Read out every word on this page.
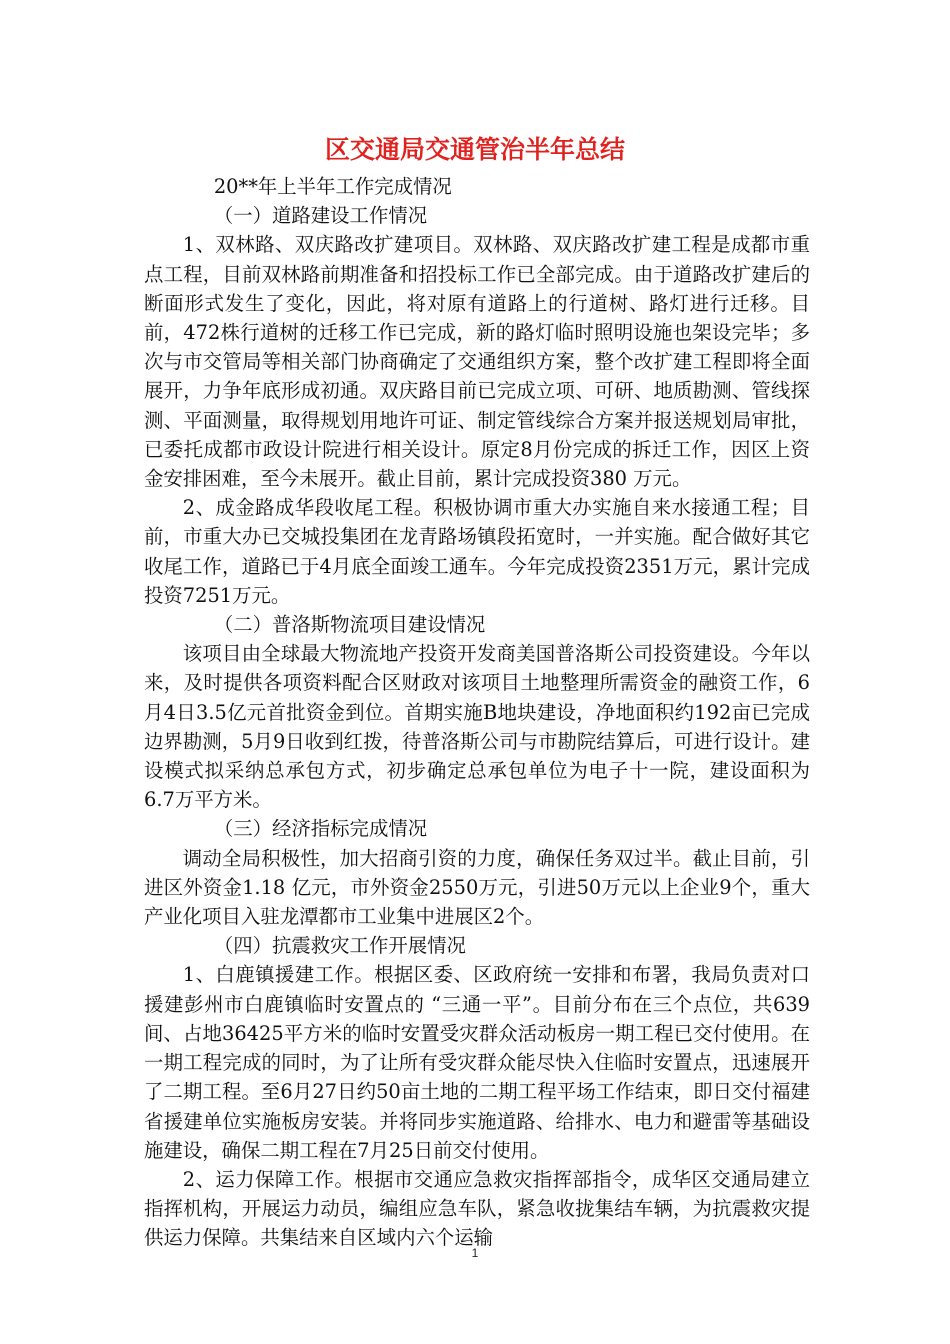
区交通局交通管治半年总结

20**年上半年工作完成情况

（一）道路建设工作情况

1、双林路、双庆路改扩建项目。双林路、双庆路改扩建工程是成都市重点工程，目前双林路前期准备和招投标工作已全部完成。由于道路改扩建后的断面形式发生了变化，因此，将对原有道路上的行道树、路灯进行迁移。目前，472株行道树的迁移工作已完成，新的路灯临时照明设施也架设完毕；多次与市交管局等相关部门协商确定了交通组织方案，整个改扩建工程即将全面展开，力争年底形成初通。双庆路目前已完成立项、可研、地质勘测、管线探测、平面测量，取得规划用地许可证、制定管线综合方案并报送规划局审批，已委托成都市政设计院进行相关设计。原定8月份完成的拆迁工作，因区上资金安排困难，至今未展开。截止目前，累计完成投资380 万元。

2、成金路成华段收尾工程。积极协调市重大办实施自来水接通工程；目前，市重大办已交城投集团在龙青路场镇段拓宽时，一并实施。配合做好其它收尾工作，道路已于4月底全面竣工通车。今年完成投资2351万元，累计完成投资7251万元。

（二）普洛斯物流项目建设情况

该项目由全球最大物流地产投资开发商美国普洛斯公司投资建设。今年以来，及时提供各项资料配合区财政对该项目土地整理所需资金的融资工作，6月4日3.5亿元首批资金到位。首期实施B地块建设，净地面积约192亩已完成边界勘测，5月9日收到红拨，待普洛斯公司与市勘院结算后，可进行设计。建设模式拟采纳总承包方式，初步确定总承包单位为电子十一院，建设面积为6.7万平方米。

（三）经济指标完成情况

调动全局积极性，加大招商引资的力度，确保任务双过半。截止目前，引进区外资金1.18 亿元，市外资金2550万元，引进50万元以上企业9个，重大产业化项目入驻龙潭都市工业集中进展区2个。

（四）抗震救灾工作开展情况

1、白鹿镇援建工作。根据区委、区政府统一安排和布署，我局负责对口援建彭州市白鹿镇临时安置点的 “三通一平”。目前分布在三个点位，共639间、占地36425平方米的临时安置受灾群众活动板房一期工程已交付使用。在一期工程完成的同时，为了让所有受灾群众能尽快入住临时安置点，迅速展开了二期工程。至6月27日约50亩土地的二期工程平场工作结束，即日交付福建省援建单位实施板房安装。并将同步实施道路、给排水、电力和避雷等基础设施建设，确保二期工程在7月25日前交付使用。

2、运力保障工作。根据市交通应急救灾指挥部指令，成华区交通局建立指挥机构，开展运力动员，编组应急车队，紧急收拢集结车辆，为抗震救灾提供运力保障。共集结来自区域内六个运输

1
